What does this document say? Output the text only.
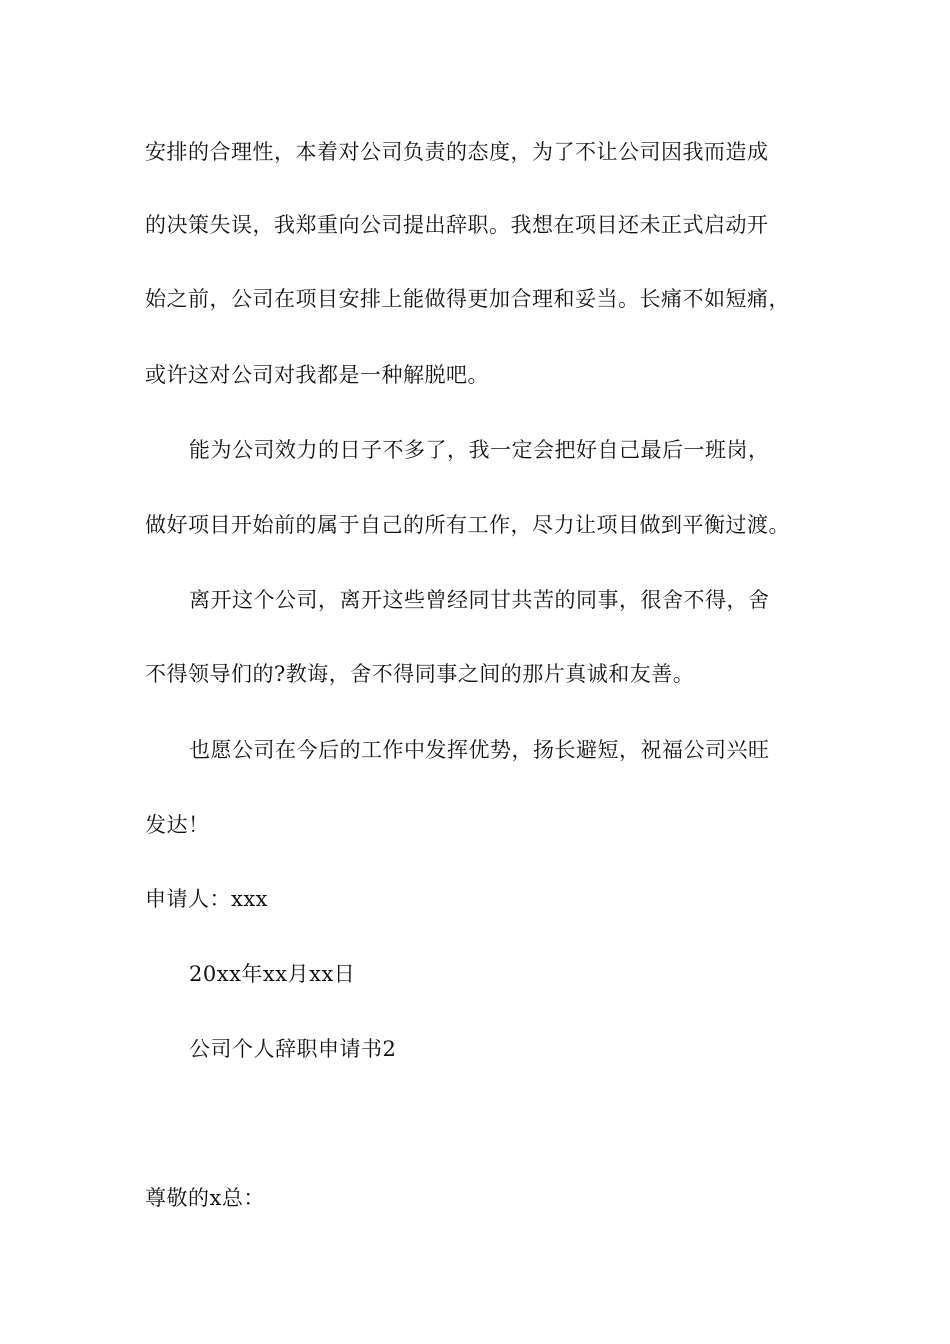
安排的合理性，本着对公司负责的态度，为了不让公司因我而造成
的决策失误，我郑重向公司提出辞职。我想在项目还未正式启动开
始之前，公司在项目安排上能做得更加合理和妥当。长痛不如短痛，
或许这对公司对我都是一种解脱吧。
能为公司效力的日子不多了，我一定会把好自己最后一班岗，
做好项目开始前的属于自己的所有工作，尽力让项目做到平衡过渡。
离开这个公司，离开这些曾经同甘共苦的同事，很舍不得，舍
不得领导们的?教诲，舍不得同事之间的那片真诚和友善。
也愿公司在今后的工作中发挥优势，扬长避短，祝福公司兴旺
发达！
申请人：xxx
20xx年xx月xx日
公司个人辞职申请书2
尊敬的x总：
